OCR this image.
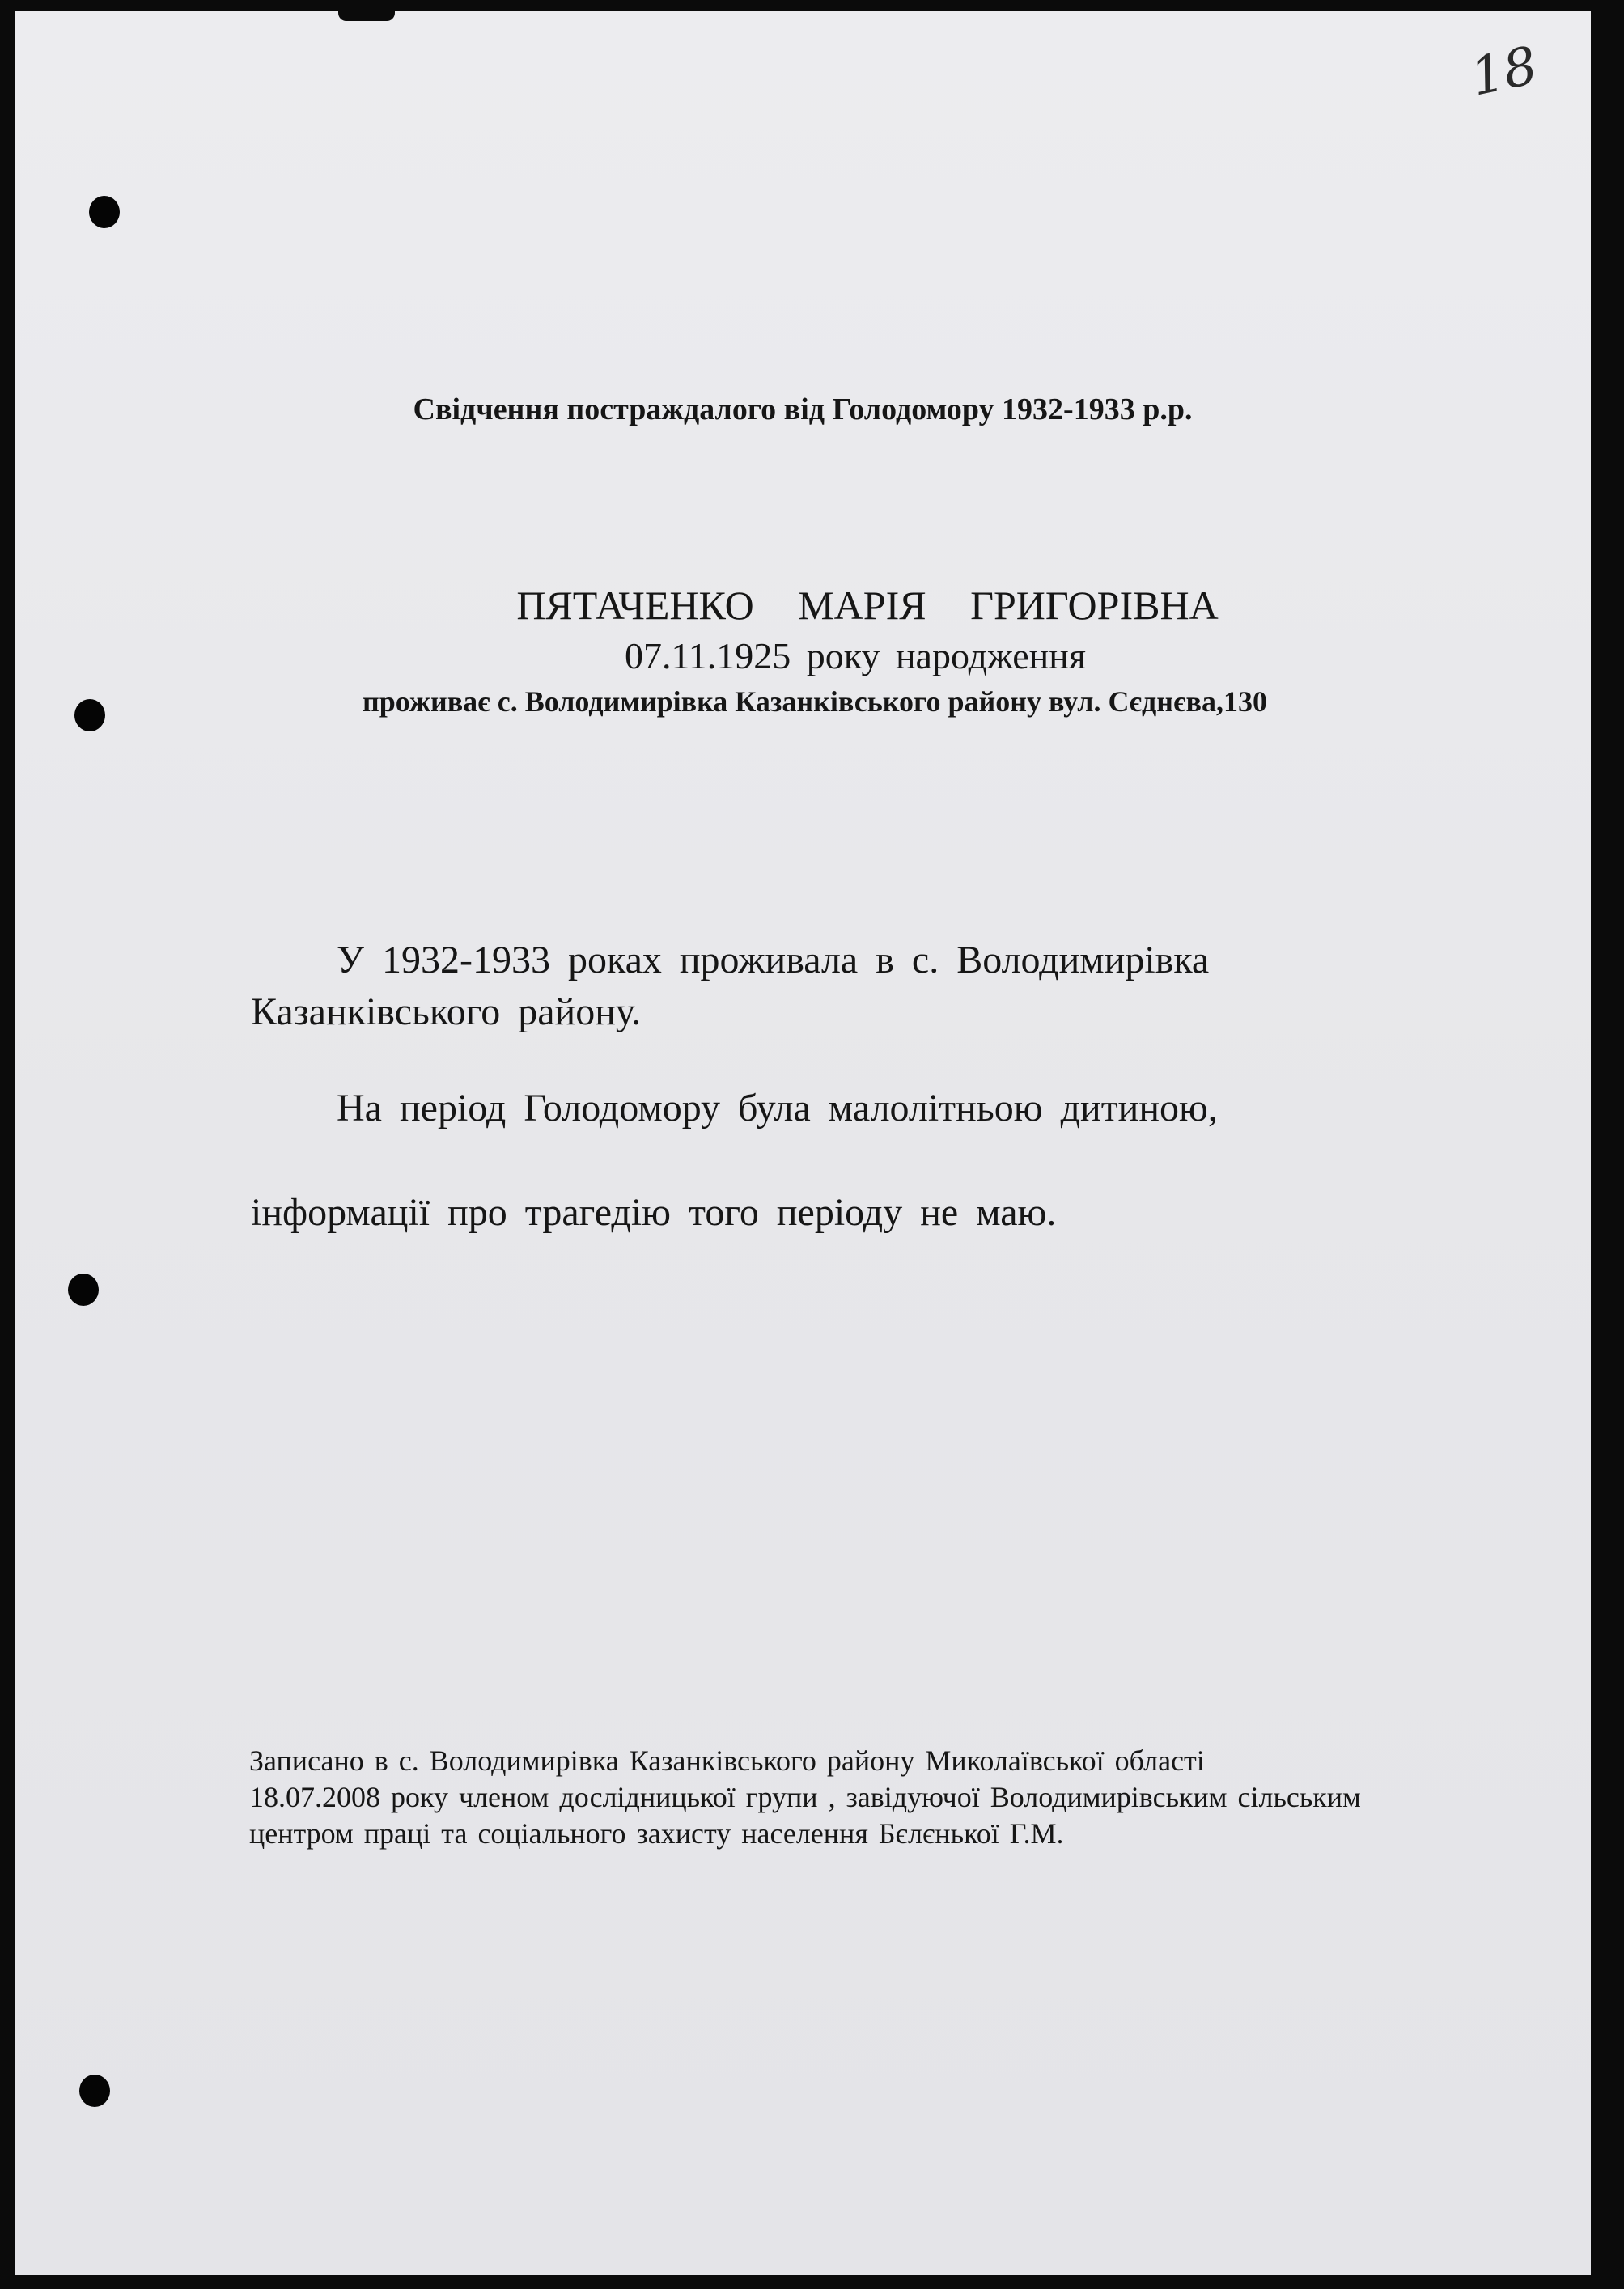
18
Свідчення постраждалого від Голодомору 1932-1933 р.р.
ПЯТАЧЕНКО МАРІЯ ГРИГОРІВНА
07.11.1925 року народження
проживає с. Володимирівка Казанківського району вул. Сєднєва,130
У 1932-1933 роках проживала в с. Володимирівка
Казанківського району.
На період Голодомору була малолітньою дитиною,
інформації про трагедію того періоду не маю.
Записано в с. Володимирівка Казанківського району Миколаївської області
18.07.2008 року членом дослідницької групи , завідуючої Володимирівським сільським
центром праці та соціального захисту населення Бєлєнької Г.М.
